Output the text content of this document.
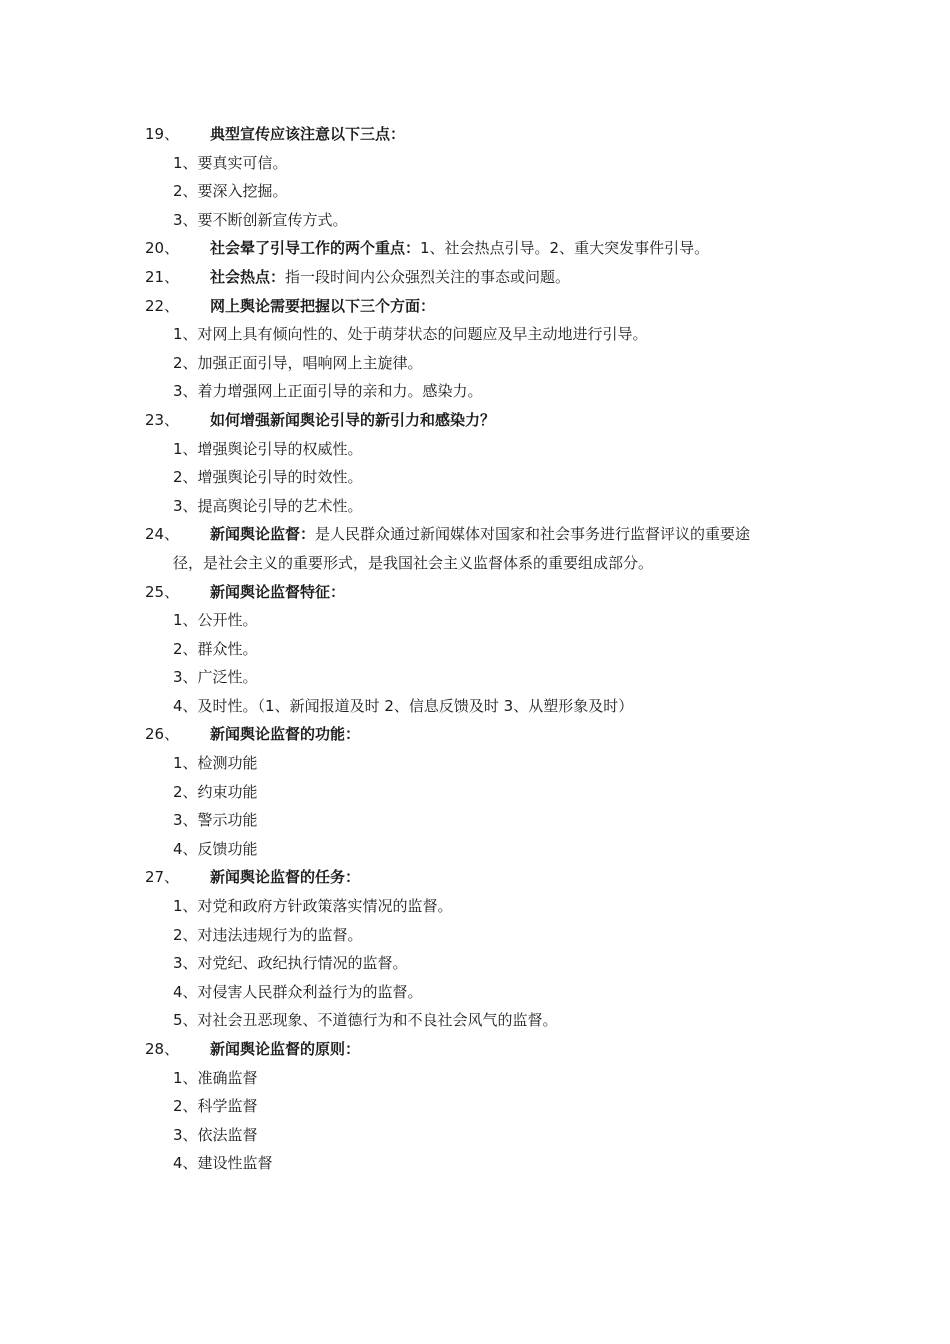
19、 典型宣传应该注意以下三点：
1、要真实可信。
2、要深入挖掘。
3、要不断创新宣传方式。
20、 社会晕了引导工作的两个重点：1、社会热点引导。2、重大突发事件引导。
21、 社会热点：指一段时间内公众强烈关注的事态或问题。
22、 网上舆论需要把握以下三个方面：
1、对网上具有倾向性的、处于萌芽状态的问题应及早主动地进行引导。
2、加强正面引导，唱响网上主旋律。
3、着力增强网上正面引导的亲和力。感染力。
23、 如何增强新闻舆论引导的新引力和感染力？
1、增强舆论引导的权威性。
2、增强舆论引导的时效性。
3、提高舆论引导的艺术性。
24、 新闻舆论监督：是人民群众通过新闻媒体对国家和社会事务进行监督评议的重要途
径，是社会主义的重要形式，是我国社会主义监督体系的重要组成部分。
25、 新闻舆论监督特征：
1、公开性。
2、群众性。
3、广泛性。
4、及时性。（1、新闻报道及时 2、信息反馈及时 3、从塑形象及时）
26、 新闻舆论监督的功能：
1、检测功能
2、约束功能
3、警示功能
4、反馈功能
27、 新闻舆论监督的任务：
1、对党和政府方针政策落实情况的监督。
2、对违法违规行为的监督。
3、对党纪、政纪执行情况的监督。
4、对侵害人民群众利益行为的监督。
5、对社会丑恶现象、不道德行为和不良社会风气的监督。
28、 新闻舆论监督的原则：
1、准确监督
2、科学监督
3、依法监督
4、建设性监督
